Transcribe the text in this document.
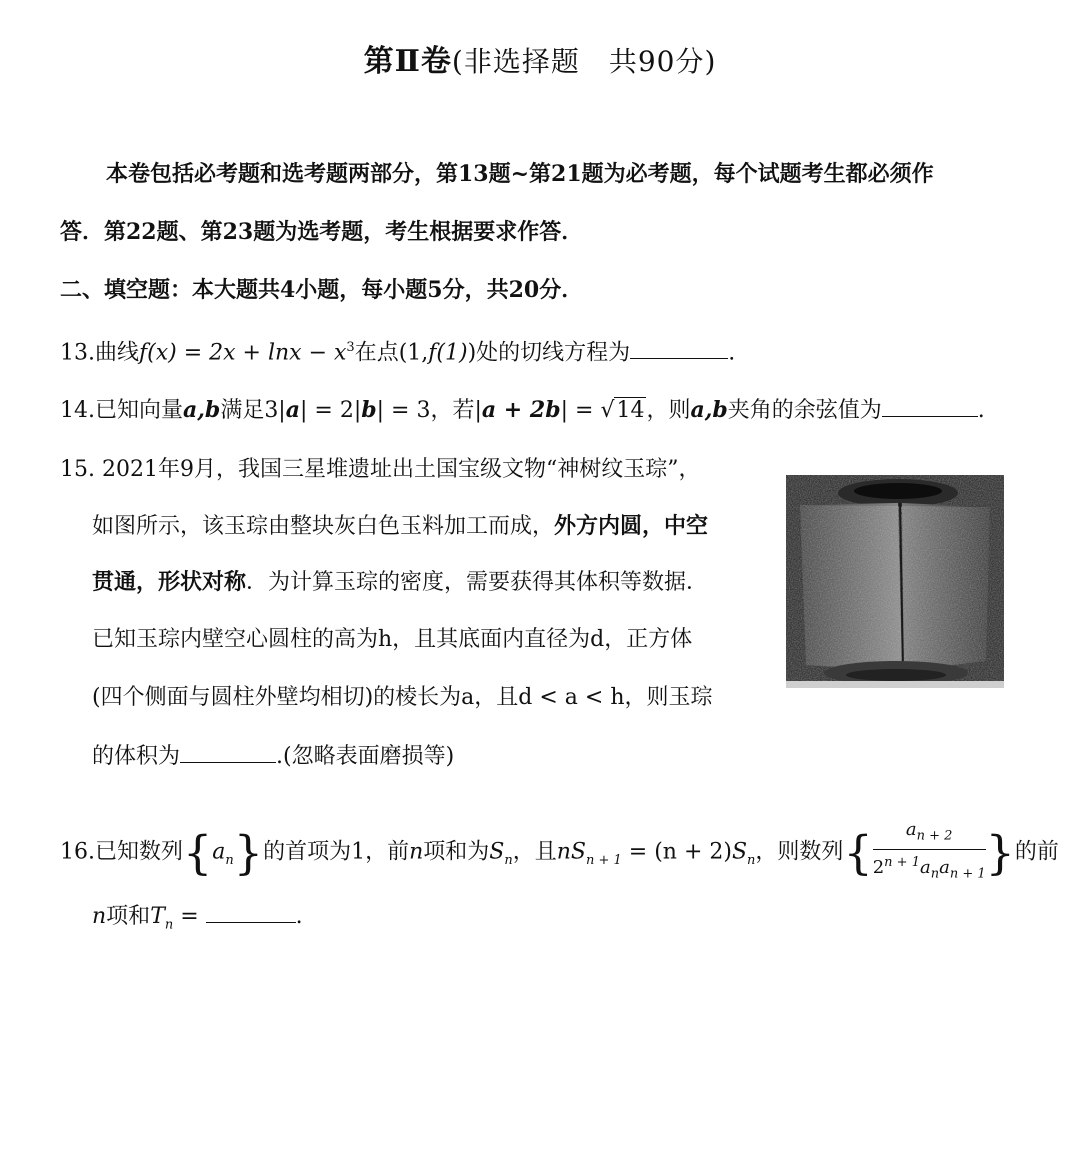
第Ⅱ卷(非选择题　共90分)
本卷包括必考题和选考题两部分，第13题~第21题为必考题，每个试题考生都必须作
答．第22题、第23题为选考题，考生根据要求作答．
二、填空题：本大题共4小题，每小题5分，共20分．
13.曲线$f(x) = 2x + \ln x - x^3$在点(1,f(1))处的切线方程为	.
14.已知向量a,b满足3|a| = 2|b| = 3，若|a + 2b| = √14，则a,b夹角的余弦值为	.
15. 2021年9月，我国三星堆遗址出土国宝级文物“神树纹玉琮”，
如图所示，该玉琮由整块灰白色玉料加工而成，外方内圆，中空
贯通，形状对称．为计算玉琮的密度，需要获得其体积等数据．
已知玉琮内壁空心圆柱的高为h，且其底面内直径为d，正方体
(四个侧面与圆柱外壁均相切)的棱长为a，且d < a < h，则玉琮
的体积为	.(忽略表面磨损等)
16.已知数列$\{a_n\}$的首项为1，前n项和为$S_n$，且$nS_{n + 1} = (n + 2)S_n$，则数列{ $\frac{a_{n + 2}}{2^{n + 1}a_na_{n + 1}}$ }的前
n项和$T_n$ =	.
